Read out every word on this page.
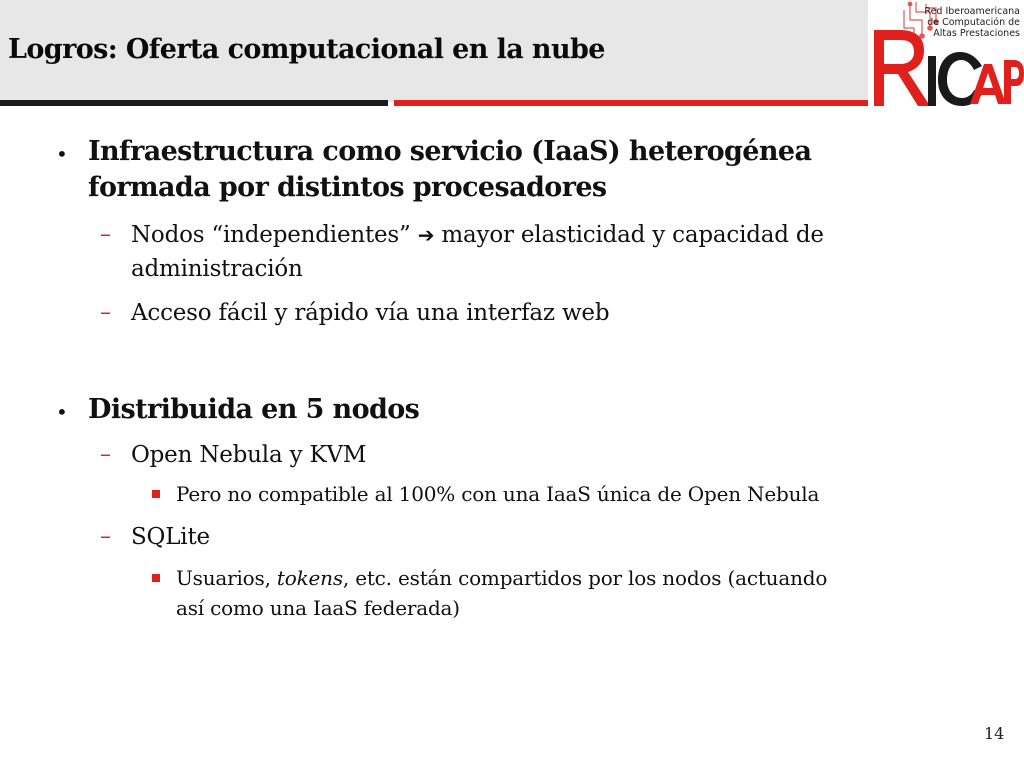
Logros: Oferta computacional en la nube
Red Iberoamericana
de Computación de
Altas Prestaciones
• Infraestructura como servicio (IaaS) heterogénea
formada por distintos procesadores
– Nodos “independientes” ➔ mayor elasticidad y capacidad de
administración
– Acceso fácil y rápido vía una interfaz web
• Distribuida en 5 nodos
– Open Nebula y KVM
Pero no compatible al 100% con una IaaS única de Open Nebula
– SQLite
Usuarios, tokens, etc. están compartidos por los nodos (actuando
así como una IaaS federada)
14
